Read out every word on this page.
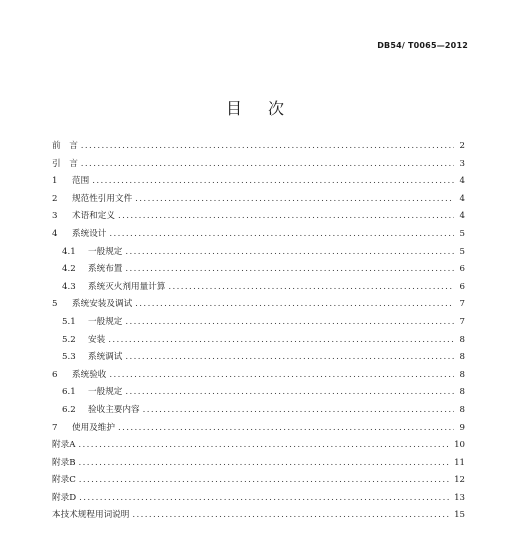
DB54/ T0065—2012
目 次
前　言 .....	2
引　言 .....	3
1	范围 .....	4
2	规范性引用文件 .....	4
3	术语和定义 .....	4
4	系统设计 .....	5
4.1	一般规定 .....	5
4.2	系统布置 .....	6
4.3	系统灭火剂用量计算 .....	6
5	系统安装及调试 .....	7
5.1	一般规定 .....	7
5.2	安装 .....	8
5.3	系统调试 .....	8
6	系统验收 .....	8
6.1	一般规定 .....	8
6.2	验收主要内容 .....	8
7	使用及维护 .....	9
附录A .....	10
附录B .....	11
附录C .....	12
附录D .....	13
本技术规程用词说明 .....	15
